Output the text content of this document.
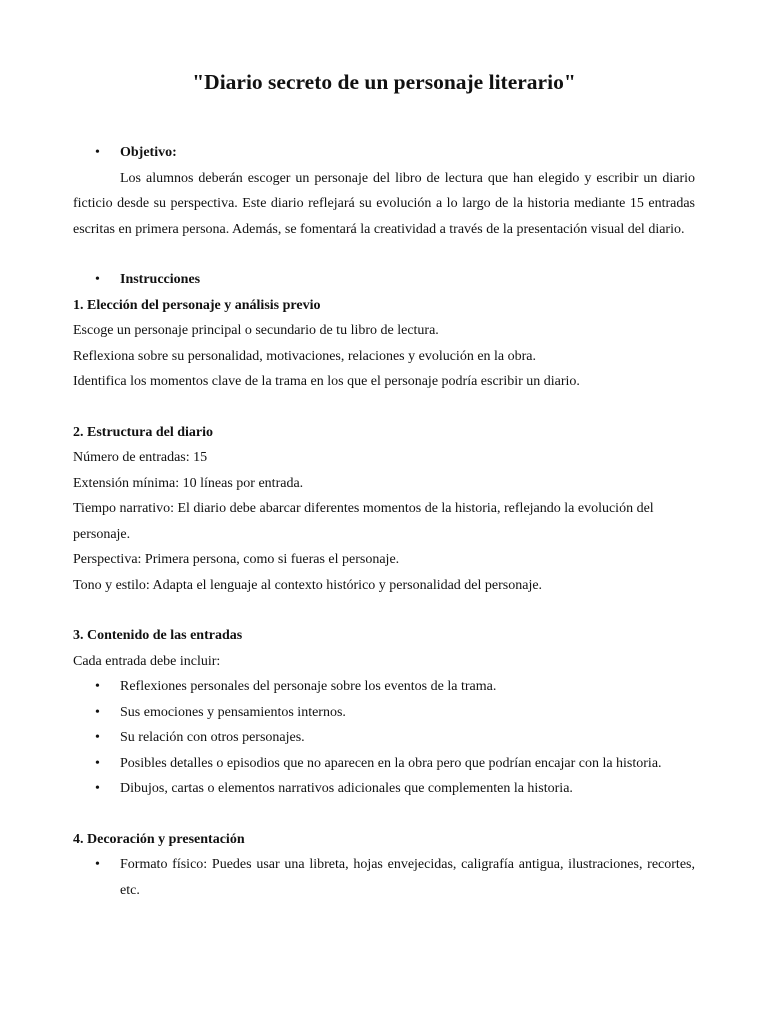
"Diario secreto de un personaje literario"

• Objetivo:

Los alumnos deberán escoger un personaje del libro de lectura que han elegido y escribir un diario ficticio desde su perspectiva. Este diario reflejará su evolución a lo largo de la historia mediante 15 entradas escritas en primera persona. Además, se fomentará la creatividad a través de la presentación visual del diario.

• Instrucciones

1. Elección del personaje y análisis previo

Escoge un personaje principal o secundario de tu libro de lectura.

Reflexiona sobre su personalidad, motivaciones, relaciones y evolución en la obra.

Identifica los momentos clave de la trama en los que el personaje podría escribir un diario.

2. Estructura del diario

Número de entradas: 15

Extensión mínima: 10 líneas por entrada.

Tiempo narrativo: El diario debe abarcar diferentes momentos de la historia, reflejando la evolución del personaje.

Perspectiva: Primera persona, como si fueras el personaje.

Tono y estilo: Adapta el lenguaje al contexto histórico y personalidad del personaje.

3. Contenido de las entradas

Cada entrada debe incluir:

• Reflexiones personales del personaje sobre los eventos de la trama.
• Sus emociones y pensamientos internos.
• Su relación con otros personajes.
• Posibles detalles o episodios que no aparecen en la obra pero que podrían encajar con la historia.
• Dibujos, cartas o elementos narrativos adicionales que complementen la historia.

4. Decoración y presentación

• Formato físico: Puedes usar una libreta, hojas envejecidas, caligrafía antigua, ilustraciones, recortes, etc.
